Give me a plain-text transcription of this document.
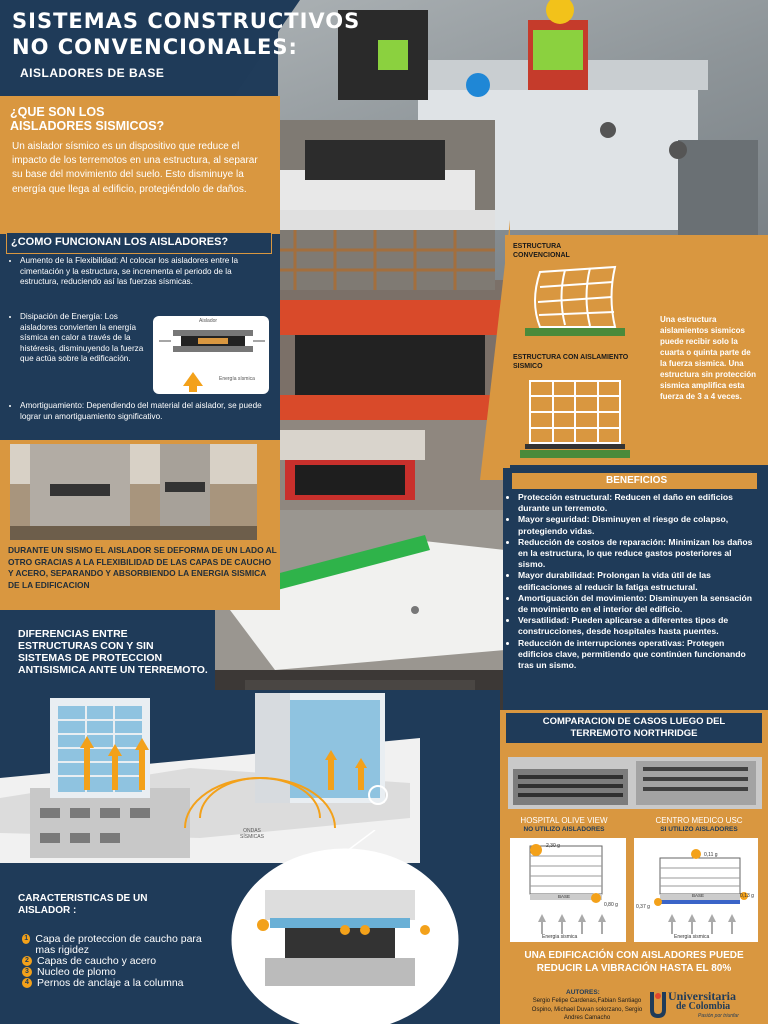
SISTEMAS CONSTRUCTIVOS
NO CONVENCIONALES:
AISLADORES DE BASE
¿QUE SON LOS
AISLADORES SISMICOS?
Un aislador sísmico es un dispositivo que reduce el impacto de los terremotos en una estructura, al separar su base del movimiento del suelo. Esto disminuye la energía que llega al edificio, protegiéndolo de daños.
¿COMO FUNCIONAN LOS AISLADORES?
• Aumento de la Flexibilidad: Al colocar los aisladores entre la cimentación y la estructura, se incrementa el periodo de la estructura, reduciendo así las fuerzas sísmicas.
• Disipación de Energía: Los aisladores convierten la energía sísmica en calor a través de la histéresis, disminuyendo la fuerza que actúa sobre la edificación.
• Amortiguamiento: Dependiendo del material del aislador, se puede lograr un amortiguamiento significativo.
Aislador
Energía sísmica
DURANTE UN SISMO EL AISLADOR SE DEFORMA DE UN LADO AL OTRO GRACIAS A LA FLEXIBILIDAD DE LAS CAPAS DE CAUCHO Y ACERO, SEPARANDO Y ABSORBIENDO LA ENERGIA SISMICA DE LA EDIFICACION
ESTRUCTURA CONVENCIONAL
ESTRUCTURA CON AISLAMIENTO SISMICO
Una estructura aislamientos sismicos puede recibir solo la cuarta o quinta parte de la fuerza sismica. Una estructura sin protección sismica amplifica esta fuerza de 3 a 4 veces.
BENEFICIOS
• Protección estructural: Reducen el daño en edificios durante un terremoto.
• Mayor seguridad: Disminuyen el riesgo de colapso, protegiendo vidas.
• Reducción de costos de reparación: Minimizan los daños en la estructura, lo que reduce gastos posteriores al sismo.
• Mayor durabilidad: Prolongan la vida útil de las edificaciones al reducir la fatiga estructural.
• Amortiguación del movimiento: Disminuyen la sensación de movimiento en el interior del edificio.
• Versatilidad: Pueden aplicarse a diferentes tipos de construcciones, desde hospitales hasta puentes.
• Reducción de interrupciones operativas: Protegen edificios clave, permitiendo que continúen funcionando tras un sismo.
DIFERENCIAS ENTRE ESTRUCTURAS CON Y SIN SISTEMAS DE PROTECCION ANTISISMICA ANTE UN TERREMOTO.
ONDAS SÍSMICAS
CARACTERISTICAS DE UN AISLADOR :
1 Capa de proteccion de caucho para mas rigidez
2 Capas de caucho y acero
3 Nucleo de plomo
4 Pernos de anclaje a la columna
COMPARACION DE CASOS LUEGO DEL TERREMOTO NORTHRIDGE
HOSPITAL OLIVE VIEW
NO UTILIZO AISLADORES
CENTRO MEDICO USC
SI UTILIZO AISLADORES
2,30 g
BASE
0,80 g
Energia sismica
0,11 g
BASE
0,37 g
0,13 g
Energia sismica
UNA EDIFICACIÓN CON AISLADORES PUEDE REDUCIR LA VIBRACIÓN HASTA EL 80%
AUTORES:
Sergio Felipe Cardenas,Fabian Santiago Ospino, Michael Duvan solorzano, Sergio Andres Camacho
Universitaria
de Colombia
Pasión por triunfar
